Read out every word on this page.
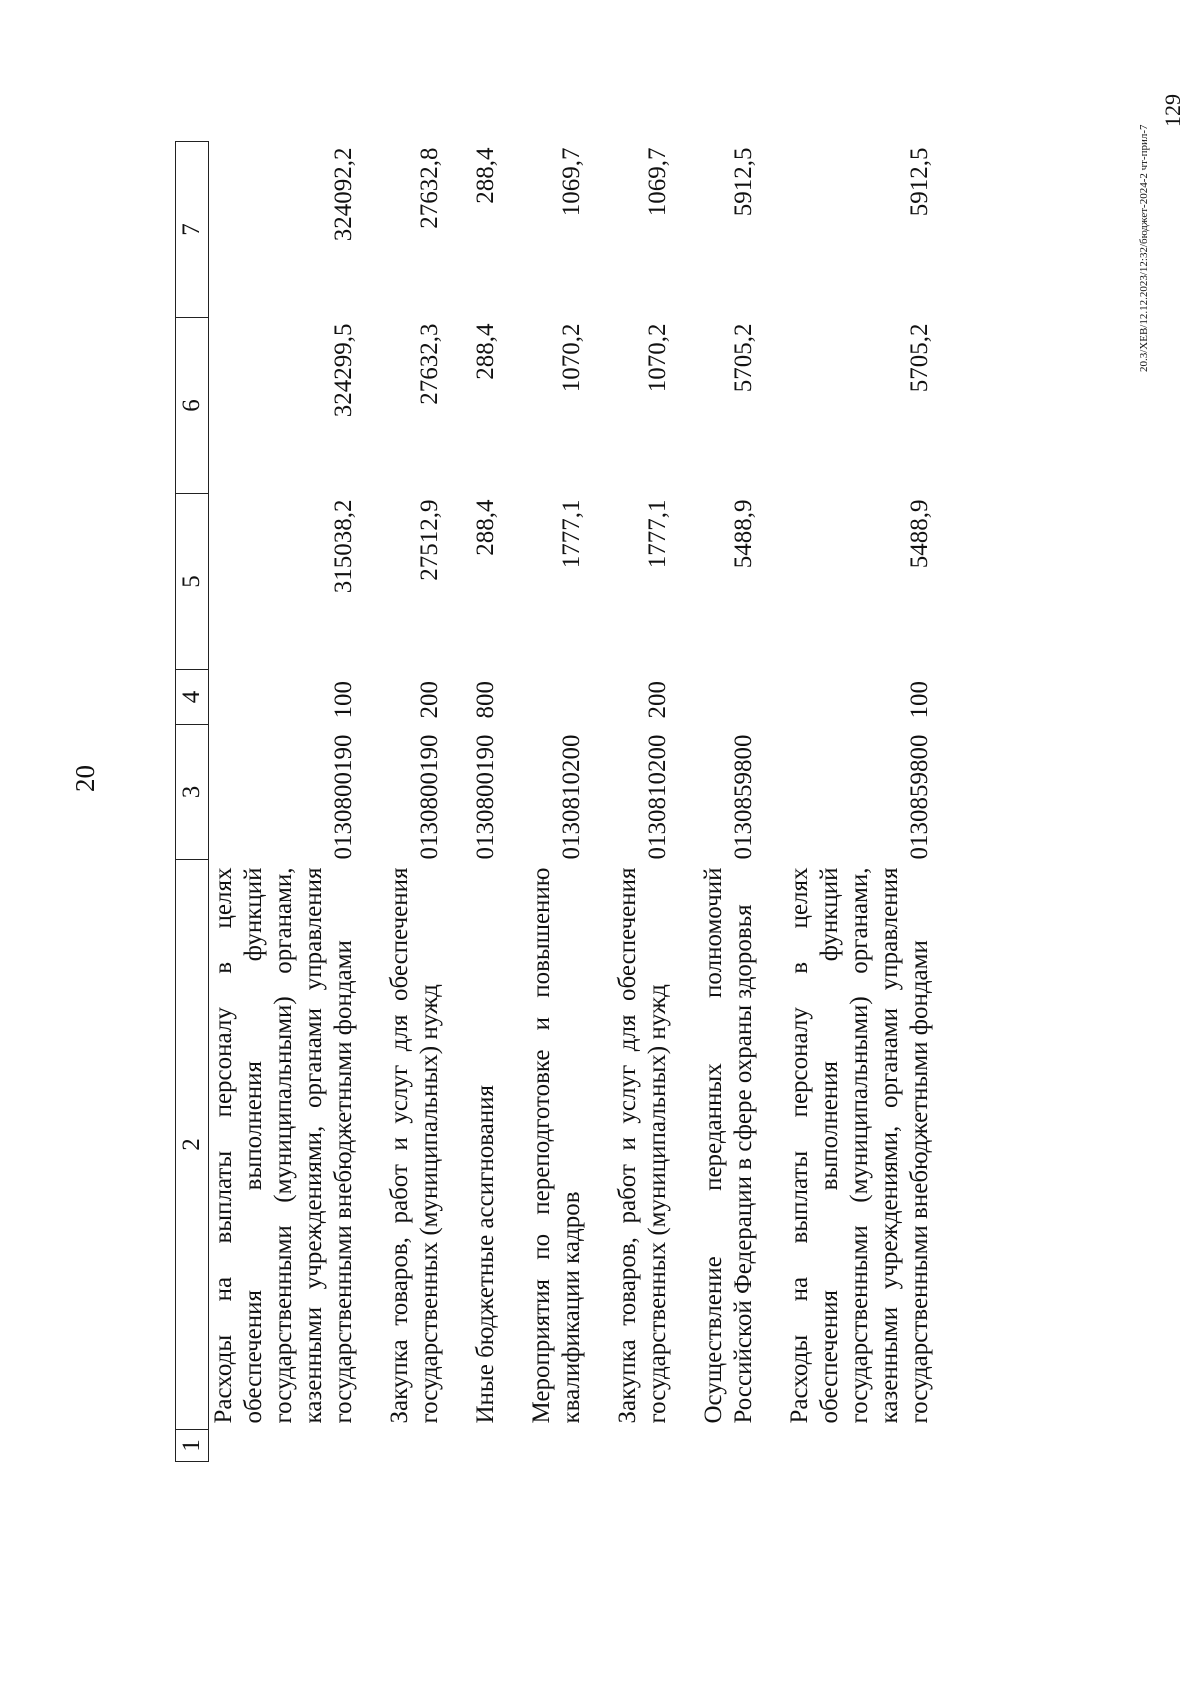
20
1	2	3	4	5	6	7
	Расходы на выплаты персоналу в целях обеспечения выполнения функций государственными (муниципальными) органами, казенными учреждениями, органами управления государственными внебюджетными фондами	0130800190	100	315038,2	324299,5	324092,2
	Закупка товаров, работ и услуг для обеспечения государственных (муниципальных) нужд	0130800190	200	27512,9	27632,3	27632,8
	Иные бюджетные ассигнования	0130800190	800	288,4	288,4	288,4
	Мероприятия по переподготовке и повышению квалификации кадров	0130810200		1777,1	1070,2	1069,7
	Закупка товаров, работ и услуг для обеспечения государственных (муниципальных) нужд	0130810200	200	1777,1	1070,2	1069,7
	Осуществление переданных полномочий Российской Федерации в сфере охраны здоровья	0130859800		5488,9	5705,2	5912,5
	Расходы на выплаты персоналу в целях обеспечения выполнения функций государственными (муниципальными) органами, казенными учреждениями, органами управления государственными внебюджетными фондами	0130859800	100	5488,9	5705,2	5912,5	20.3/XEB/12.12.2023/12:32/бюджет-2024-2 чт-прил-7
129
